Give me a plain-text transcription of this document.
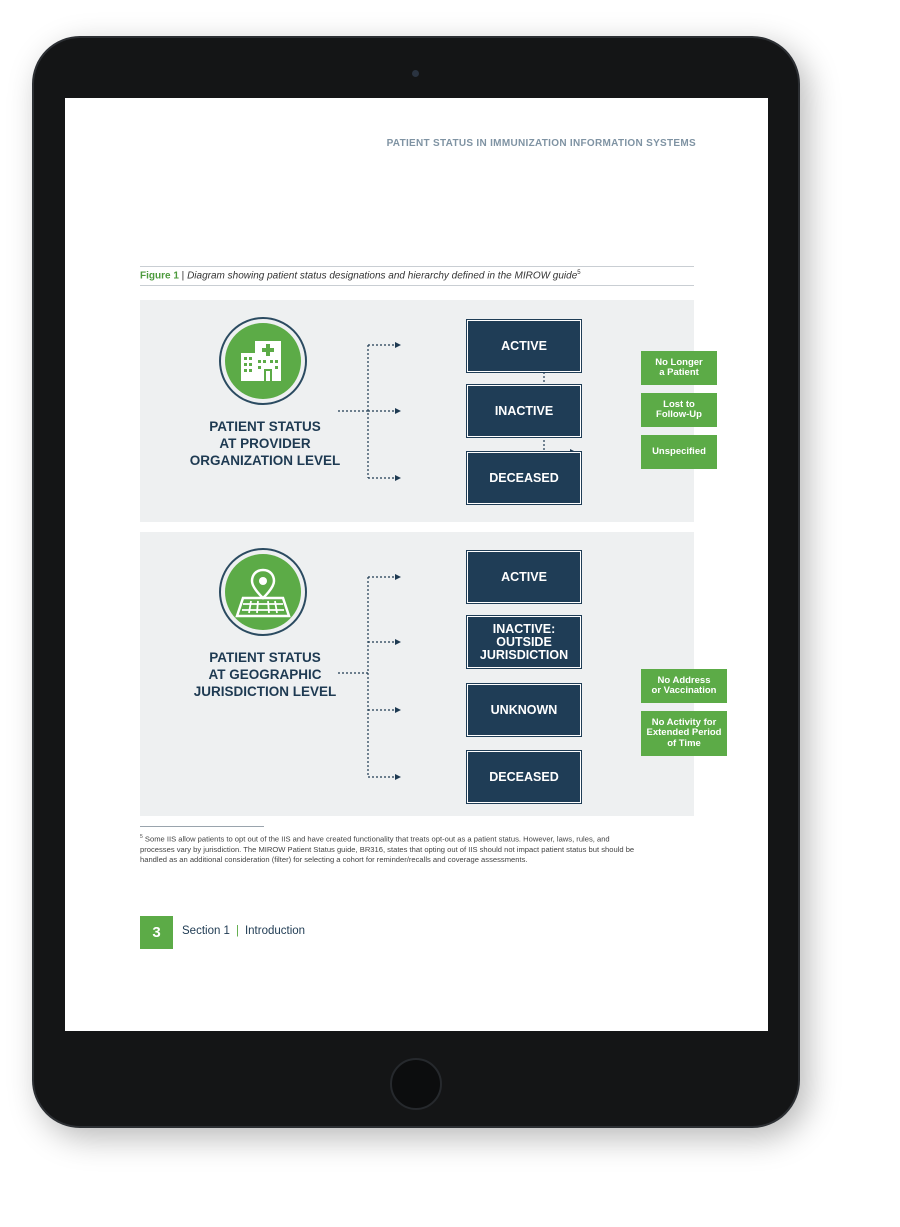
PATIENT STATUS IN IMMUNIZATION INFORMATION SYSTEMS
Figure 1 | Diagram showing patient status designations and hierarchy defined in the MIROW guide$^5$
PATIENT STATUS
AT PROVIDER
ORGANIZATION LEVEL
ACTIVE
INACTIVE
DECEASED
No Longer
a Patient
Lost to
Follow-Up
Unspecified
PATIENT STATUS
AT GEOGRAPHIC
JURISDICTION LEVEL
ACTIVE
INACTIVE: OUTSIDE JURISDICTION
UNKNOWN
DECEASED
No Address
or Vaccination
No Activity for
Extended Period
of Time
$^5$ Some IIS allow patients to opt out of the IIS and have created functionality that treats opt-out as a patient status. However, laws, rules, and
processes vary by jurisdiction. The MIROW Patient Status guide, BR316, states that opting out of IIS should not impact patient status but should be
handled as an additional consideration (filter) for selecting a cohort for reminder/recalls and coverage assessments.
3	Section 1 | Introduction
